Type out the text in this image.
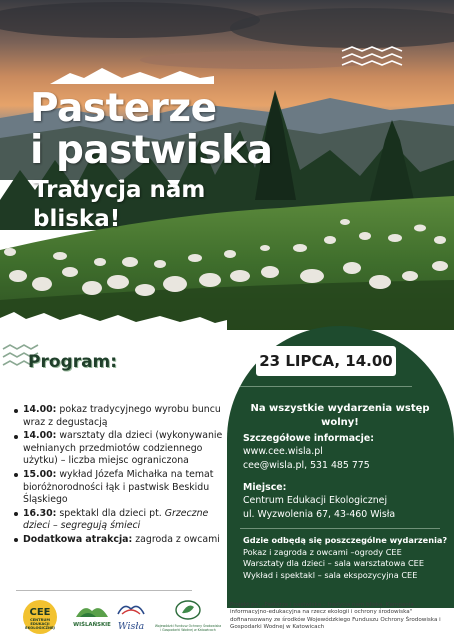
Pasterze
i pastwiska
Tradycja nam bliska!
Program:
14.00: pokaz tradycyjnego wyrobu buncu wraz z degustacją
14.00: warsztaty dla dzieci (wykonywanie wełnianych przedmiotów codziennego użytku) – liczba miejsc ograniczona
15.00: wykład Józefa Michałka na temat bioróżnorodności łąk i pastwisk Beskidu Śląskiego
16.30: spektakl dla dzieci pt. Grzeczne dzieci – segregują śmieci
Dodatkowa atrakcja: zagroda z owcami
23 LIPCA, 14.00
Na wszystkie wydarzenia wstęp wolny!
Szczegółowe informacje:
www.cee.wisla.pl
cee@wisla.pl, 531 485 775
Miejsce:
Centrum Edukacji Ekologicznej
ul. Wyzwolenia 67, 43-460 Wisła
Gdzie odbędą się poszczególne wydarzenia?
Pokaz i zagroda z owcami –ogrody CEE
Warsztaty dla dzieci – sala warsztatowa CEE
Wykład i spektakl – sala ekspozycyjna CEE
CEE
CENTRUM
EDUKACJI
EKOLOGICZNEJ	WIŚLAŃSKIE Wisła	Wojewódzki Fundusz Ochrony Środowiska i Gospodarki Wodnej w Katowicach
Projekt pn. „Pasterze i pastwiska – tradycja nam bliska. Kampania informacyjno-edukacyjna na rzecz ekologii i ochrony środowiska" dofinansowany ze środków Wojewódzkiego Funduszu Ochrony Środowiska i Gospodarki Wodnej w Katowicach
